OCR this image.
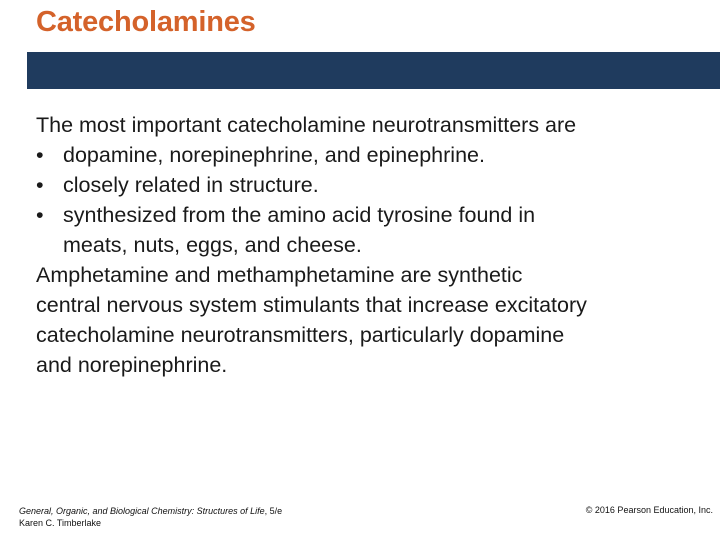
Catecholamines
The most important catecholamine neurotransmitters are
• dopamine, norepinephrine, and epinephrine.
• closely related in structure.
• synthesized from the amino acid tyrosine found in
meats, nuts, eggs, and cheese.
Amphetamine and methamphetamine are synthetic
central nervous system stimulants that increase excitatory
catecholamine neurotransmitters, particularly dopamine
and norepinephrine.
General, Organic, and Biological Chemistry: Structures of Life, 5/e
Karen C. Timberlake
© 2016 Pearson Education, Inc.
